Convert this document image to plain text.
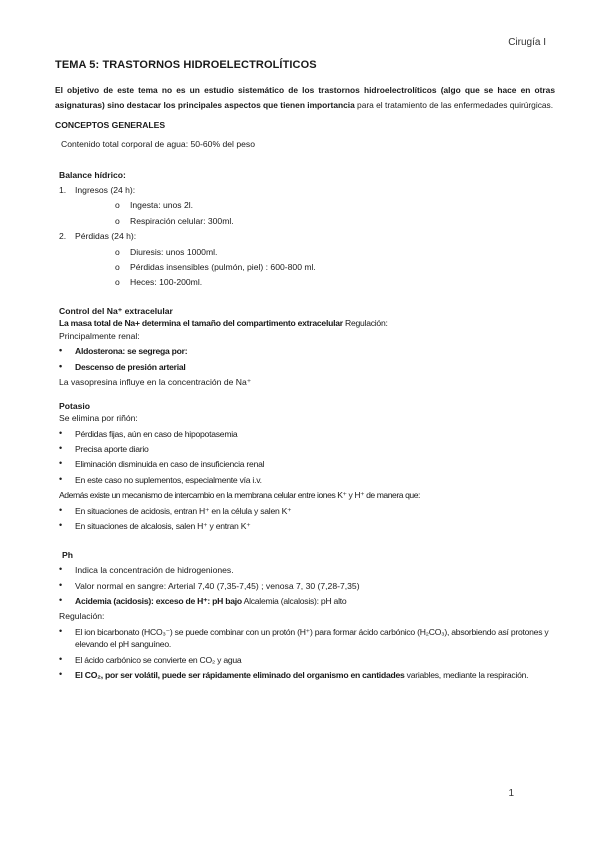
Cirugía I
TEMA 5: TRASTORNOS HIDROELECTROLÍTICOS

El objetivo de este tema no es un estudio sistemático de los trastornos hidroelectrolíticos (algo que se hace en otras asignaturas) sino destacar los principales aspectos que tienen importancia para el tratamiento de las enfermedades quirúrgicas.

CONCEPTOS GENERALES

Contenido total corporal de agua: 50-60% del peso

Balance hídrico:
1. Ingresos (24 h):
o Ingesta: unos 2l.
o Respiración celular: 300ml.
2. Pérdidas (24 h):
o Diuresis: unos 1000ml.
o Pérdidas insensibles (pulmón, piel) : 600-800 ml.
o Heces: 100-200ml.
Control del Na⁺ extracelular

La masa total de Na+ determina el tamaño del compartimento extracelular Regulación:

Principalmente renal:

• Aldosterona: se segrega por:
• Descenso de presión arterial

La vasopresina influye en la concentración de Na⁺

Potasio

Se elimina por riñón:

• Pérdidas fijas, aún en caso de hipopotasemia
• Precisa aporte diario
• Eliminación disminuida en caso de insuficiencia renal
• En este caso no suplementos, especialmente vía i.v.

Además existe un mecanismo de intercambio en la membrana celular entre iones K⁺ y H⁺ de manera que:

• En situaciones de acidosis, entran H⁺ en la célula y salen K⁺
• En situaciones de alcalosis, salen H⁺ y entran K⁺
Ph
• Indica la concentración de hidrogeniones.
• Valor normal en sangre: Arterial 7,40 (7,35-7,45) ; venosa 7, 30 (7,28-7,35)
• Acidemia (acidosis): exceso de H⁺: pH bajo Alcalemia (alcalosis): pH alto

Regulación:

• El ion bicarbonato (HCO₃⁻) se puede combinar con un protón (H⁺) para formar ácido carbónico (H₂CO₃), absorbiendo así protones y elevando el pH sanguíneo.
• El ácido carbónico se convierte en CO₂ y agua
• El CO₂, por ser volátil, puede ser rápidamente eliminado del organismo en cantidades variables, mediante la respiración.
1
